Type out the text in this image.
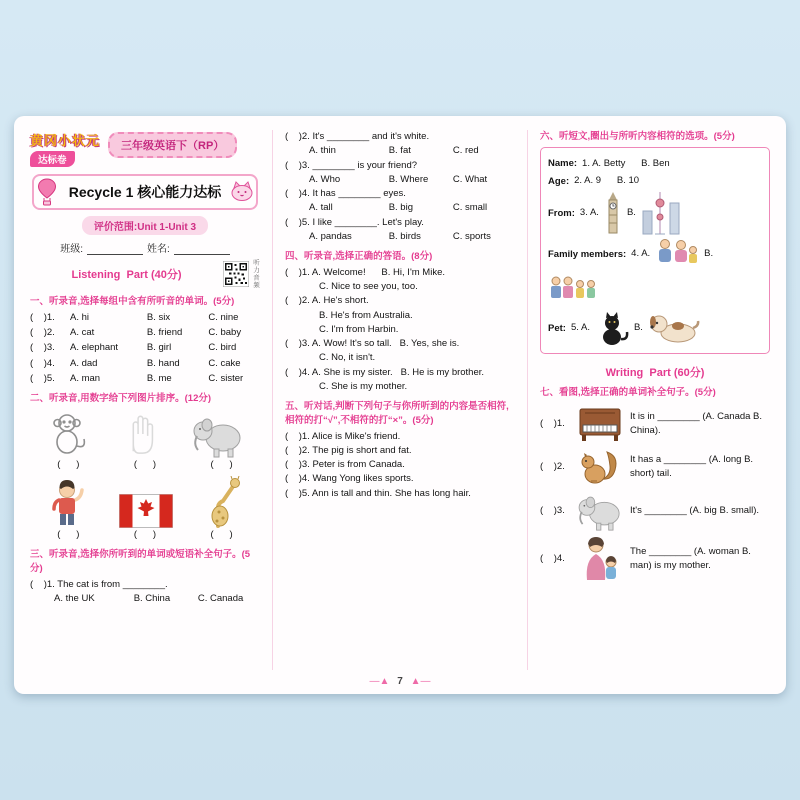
黄冈小状元
达标卷
三年级英语下（RP）
Recycle 1 核心能力达标
评价范围:Unit 1-Unit 3
班级:	姓名:
Listening  Part (40分)	听力音频
一、听录音,选择每组中含有所听音的单词。(5分)
(    )1.	A. hi	B. six	C. nine
(    )2.	A. cat	B. friend	C. baby
(    )3.	A. elephant	B. girl	C. bird
(    )4.	A. dad	B. hand	C. cake
(    )5.	A. man	B. me	C. sister
二、听录音,用数字给下列图片排序。(12分)
(      )	(      )	(      )
(      )	(      )	(      )
三、听录音,选择你所听到的单词或短语补全句子。(5分)
(    )1. The cat is from ________.
A. the UK	B. China	C. Canada
(    )2. It's ________ and it's white.
A. thin	B. fat	C. red
(    )3. ________ is your friend?
A. Who	B. Where	C. What
(    )4. It has ________ eyes.
A. tall	B. big	C. small
(    )5. I like ________. Let's play.
A. pandas	B. birds	C. sports
四、听录音,选择正确的答语。(8分)
(    )1. A. Welcome!      B. Hi, I'm Mike.
C. Nice to see you, too.
(    )2. A. He's short.
B. He's from Australia.
C. I'm from Harbin.
(    )3. A. Wow! It's so tall.   B. Yes, she is.
C. No, it isn't.
(    )4. A. She is my sister.   B. He is my brother.
C. She is my mother.
五、听对话,判断下列句子与你所听到的内容是否相符,相符的打“√”,不相符的打“×”。(5分)
(    )1. Alice is Mike's friend.
(    )2. The pig is short and fat.
(    )3. Peter is from Canada.
(    )4. Wang Yong likes sports.
(    )5. Ann is tall and thin. She has long hair.
六、听短文,圈出与所听内容相符的选项。(5分)
Name: 1. A. Betty      B. Ben
Age: 2. A. 9      B. 10
From: 3. A.	B.
Family members: 4. A.	B.
Pet: 5. A.	B.
Writing  Part (60分)
七、看图,选择正确的单词补全句子。(5分)
(    )1.
It is in ________ (A. Canada B. China).
(    )2.
It has a ________ (A. long B. short) tail.
(    )3.	It's ________ (A. big B. small).
(    )4.
The ________ (A. woman B. man) is my mother.
—▲ 7 ▲—
